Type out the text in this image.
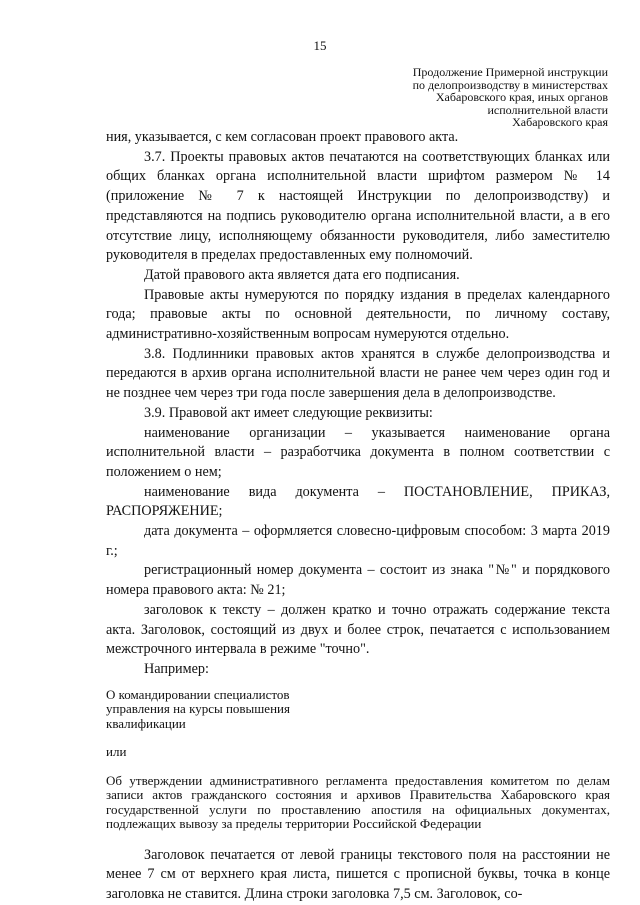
15
Продолжение Примерной инструкции
по делопроизводству в министерствах
Хабаровского края, иных органов
исполнительной власти
Хабаровского края

ния, указывается, с кем согласован проект правового акта.

3.7. Проекты правовых актов печатаются на соответствующих бланках или общих бланках органа исполнительной власти шрифтом размером № 14 (приложение № 7 к настоящей Инструкции по делопроизводству) и представляются на подпись руководителю органа исполнительной власти, а в его отсутствие лицу, исполняющему обязанности руководителя, либо заместителю руководителя в пределах предоставленных ему полномочий.

Датой правового акта является дата его подписания.

Правовые акты нумеруются по порядку издания в пределах календарного года; правовые акты по основной деятельности, по личному составу, административно-хозяйственным вопросам нумеруются отдельно.

3.8. Подлинники правовых актов хранятся в службе делопроизводства и передаются в архив органа исполнительной власти не ранее чем через один год и не позднее чем через три года после завершения дела в делопроизводстве.

3.9. Правовой акт имеет следующие реквизиты:

наименование организации – указывается наименование органа исполнительной власти – разработчика документа в полном соответствии с положением о нем;

наименование вида документа – ПОСТАНОВЛЕНИЕ, ПРИКАЗ, РАСПОРЯЖЕНИЕ;

дата документа – оформляется словесно-цифровым способом: 3 марта 2019 г.;

регистрационный номер документа – состоит из знака "№" и порядкового номера правового акта: № 21;

заголовок к тексту – должен кратко и точно отражать содержание текста акта. Заголовок, состоящий из двух и более строк, печатается с использованием межстрочного интервала в режиме "точно".

Например:

О командировании специалистов
управления на курсы повышения
квалификации
или
Об утверждении административного регламента предоставления комитетом по делам записи актов гражданского состояния и архивов Правительства Хабаровского края государственной услуги по проставлению апостиля на официальных документах, подлежащих вывозу за пределы территории Российской Федерации

Заголовок печатается от левой границы текстового поля на расстоянии не менее 7 см от верхнего края листа, пишется с прописной буквы, точка в конце заголовка не ставится. Длина строки заголовка 7,5 см. Заголовок, со-
